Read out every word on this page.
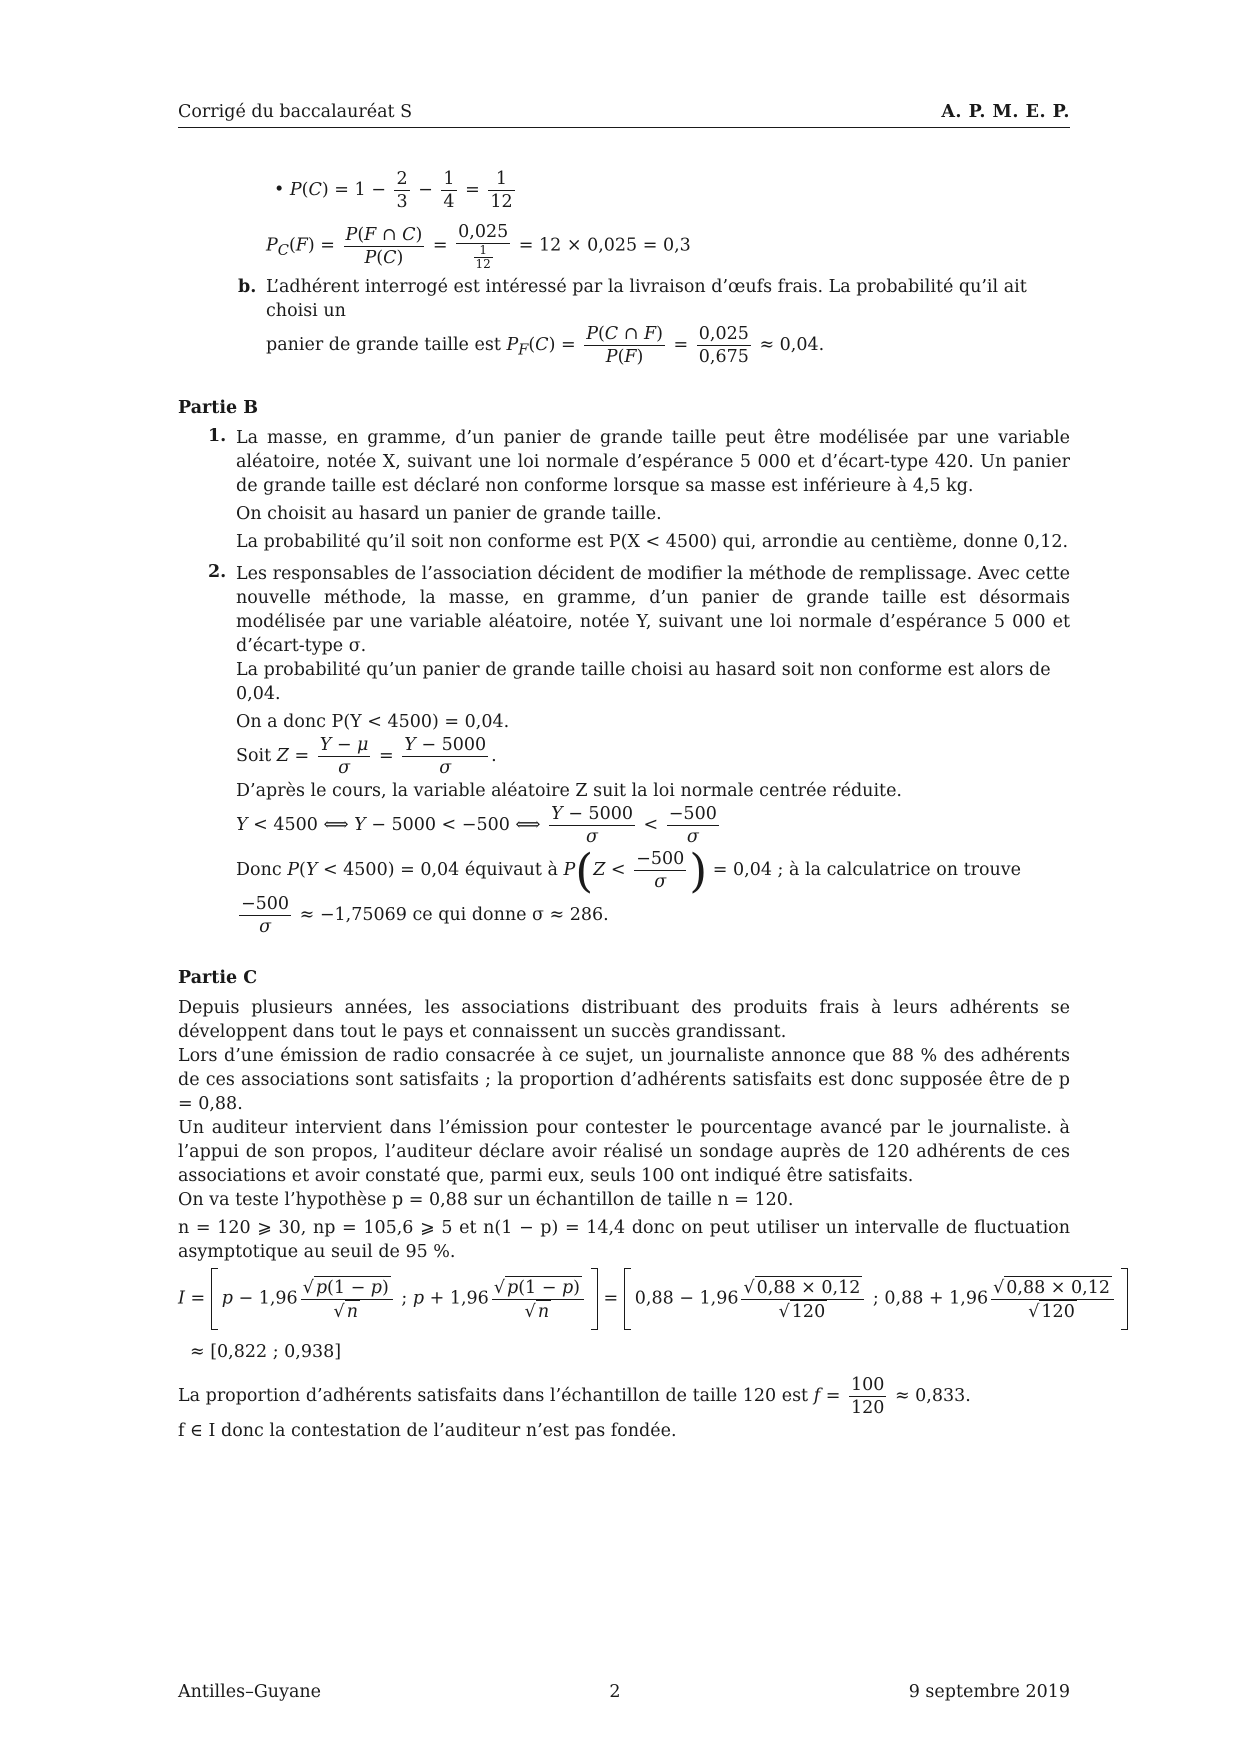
Corrigé du baccalauréat S	A. P. M. E. P.
• $P(C) = 1 - \frac{2}{3} - \frac{1}{4} = \frac{1}{12}$
$P_C(F) = \frac{P(F \cap C)}{P(C)} = \frac{0,025}{\frac{1}{12}} = 12 \times 0,025 = 0,3$
b. L’adhérent interrogé est intéressé par la livraison d’œufs frais. La probabilité qu’il ait choisi un
panier de grande taille est $P_F(C) = \frac{P(C \cap F)}{P(F)} = \frac{0,025}{0,675} \approx 0,04$.
Partie B
1. La masse, en gramme, d’un panier de grande taille peut être modélisée par une variable aléatoire, notée X, suivant une loi normale d’espérance 5 000 et d’écart-type 420. Un panier de grande taille est déclaré non conforme lorsque sa masse est inférieure à 4,5 kg.
On choisit au hasard un panier de grande taille.
La probabilité qu’il soit non conforme est P(X < 4500) qui, arrondie au centième, donne 0,12.
2. Les responsables de l’association décident de modifier la méthode de remplissage. Avec cette nouvelle méthode, la masse, en gramme, d’un panier de grande taille est désormais modélisée par une variable aléatoire, notée Y, suivant une loi normale d’espérance 5 000 et d’écart-type σ.
La probabilité qu’un panier de grande taille choisi au hasard soit non conforme est alors de 0,04.
On a donc P(Y < 4500) = 0,04.
Soit $Z = \frac{Y - \mu}{\sigma} = \frac{Y - 5000}{\sigma}$ .
D’après le cours, la variable aléatoire Z suit la loi normale centrée réduite.
Y < 4500 ⟺ Y − 5000 < −500 ⟺ $\frac{Y - 5000}{\sigma} < \frac{-500}{\sigma}$
Donc P(Y < 4500) = 0,04 équivaut à $P(Z < \frac{-500}{\sigma}$ ) = 0,04 ; à la calculatrice on trouve
$\frac{-500}{\sigma} \approx -1,75069$ ce qui donne σ ≈ 286.
Partie C
Depuis plusieurs années, les associations distribuant des produits frais à leurs adhérents se développent dans tout le pays et connaissent un succès grandissant.
Lors d’une émission de radio consacrée à ce sujet, un journaliste annonce que 88 % des adhérents de ces associations sont satisfaits ; la proportion d’adhérents satisfaits est donc supposée être de p = 0,88.
Un auditeur intervient dans l’émission pour contester le pourcentage avancé par le journaliste. à l’appui de son propos, l’auditeur déclare avoir réalisé un sondage auprès de 120 adhérents de ces associations et avoir constaté que, parmi eux, seuls 100 ont indiqué être satisfaits.
On va teste l’hypothèse p = 0,88 sur un échantillon de taille n = 120.
n = 120 ⩾ 30, np = 105,6 ⩾ 5 et n(1 − p) = 14,4 donc on peut utiliser un intervalle de fluctuation asymptotique au seuil de 95 %.
I = p − 1,96 √ p(1 − p)
√ n ; p + 1,96 √ p(1 − p)
√ n = 0,88 − 1,96 √ 0,88 × 0,12
√ 120 ; 0,88 + 1,96 √ 0,88 × 0,12
√ 120
≈ [0,822 ; 0,938]
La proportion d’adhérents satisfaits dans l’échantillon de taille 120 est $f = \frac{100}{120} \approx 0,833$.
f ∈ I donc la contestation de l’auditeur n’est pas fondée.
Antilles–Guyane	2	9 septembre 2019
